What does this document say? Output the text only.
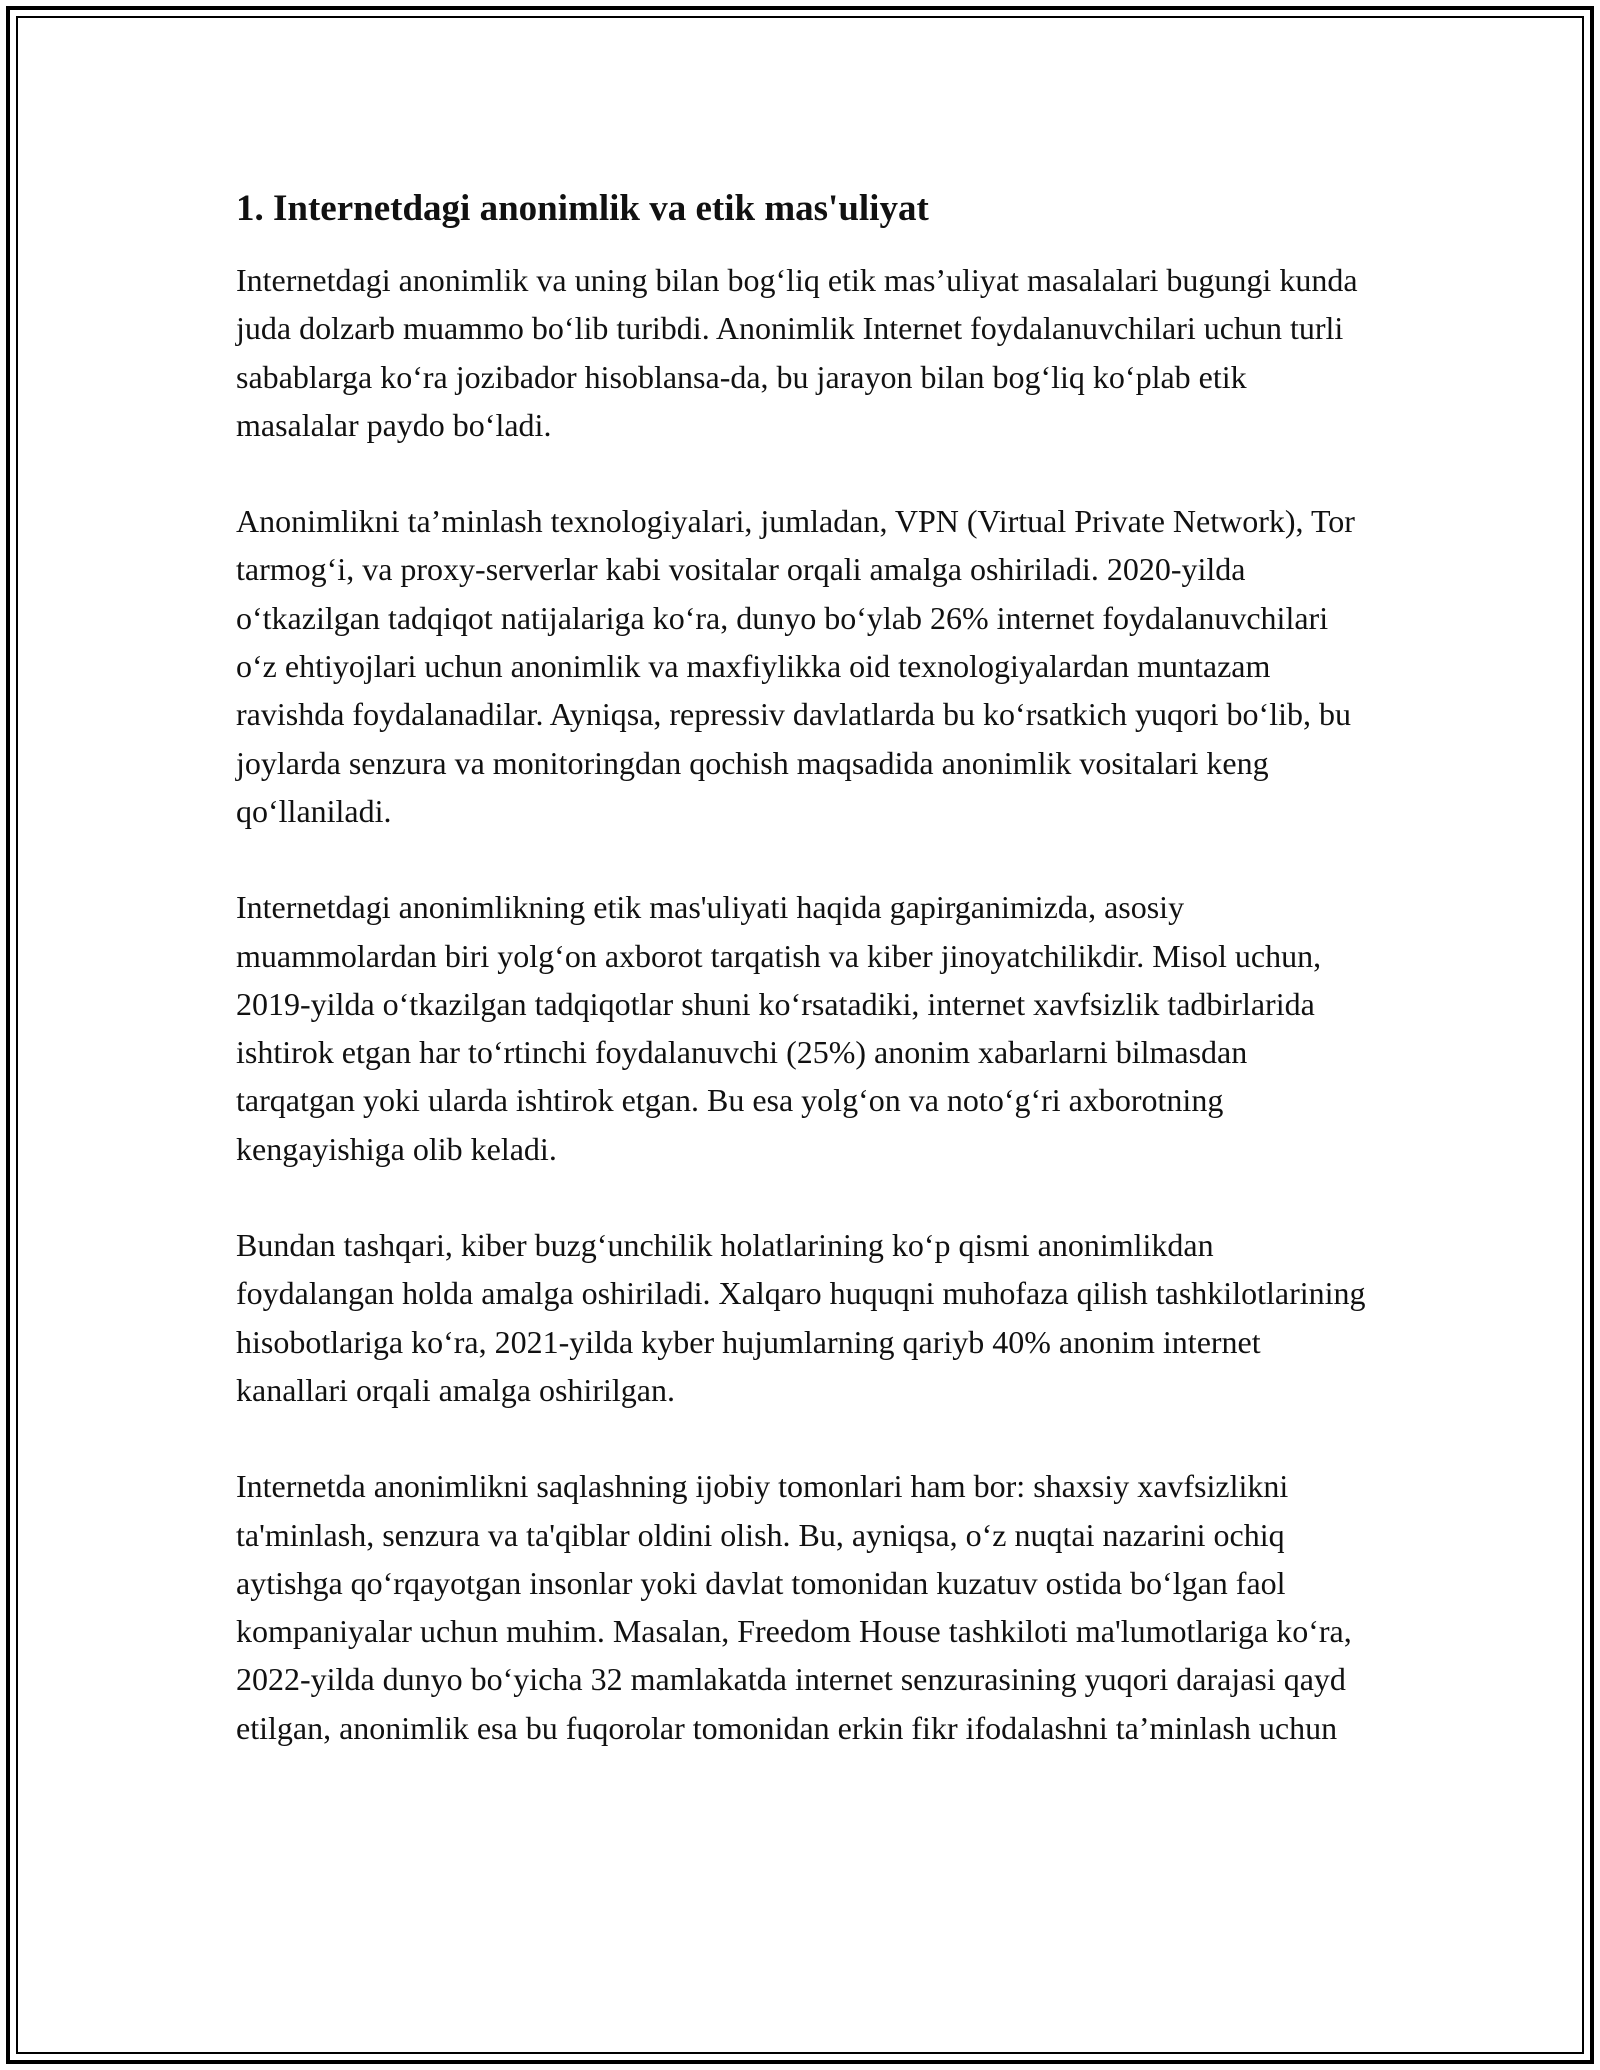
1. Internetdagi anonimlik va etik mas'uliyat

Internetdagi anonimlik va uning bilan bog‘liq etik mas’uliyat masalalari bugungi kunda juda dolzarb muammo bo‘lib turibdi. Anonimlik Internet foydalanuvchilari uchun turli sabablarga ko‘ra jozibador hisoblansa-da, bu jarayon bilan bog‘liq ko‘plab etik masalalar paydo bo‘ladi.

Anonimlikni ta’minlash texnologiyalari, jumladan, VPN (Virtual Private Network), Tor tarmog‘i, va proxy-serverlar kabi vositalar orqali amalga oshiriladi. 2020-yilda o‘tkazilgan tadqiqot natijalariga ko‘ra, dunyo bo‘ylab 26% internet foydalanuvchilari o‘z ehtiyojlari uchun anonimlik va maxfiylikka oid texnologiyalardan muntazam ravishda foydalanadilar. Ayniqsa, repressiv davlatlarda bu ko‘rsatkich yuqori bo‘lib, bu joylarda senzura va monitoringdan qochish maqsadida anonimlik vositalari keng qo‘llaniladi.

Internetdagi anonimlikning etik mas'uliyati haqida gapirganimizda, asosiy muammolardan biri yolg‘on axborot tarqatish va kiber jinoyatchilikdir. Misol uchun, 2019-yilda o‘tkazilgan tadqiqotlar shuni ko‘rsatadiki, internet xavfsizlik tadbirlarida ishtirok etgan har to‘rtinchi foydalanuvchi (25%) anonim xabarlarni bilmasdan tarqatgan yoki ularda ishtirok etgan. Bu esa yolg‘on va noto‘g‘ri axborotning kengayishiga olib keladi.

Bundan tashqari, kiber buzg‘unchilik holatlarining ko‘p qismi anonimlikdan foydalangan holda amalga oshiriladi. Xalqaro huquqni muhofaza qilish tashkilotlarining hisobotlariga ko‘ra, 2021-yilda kyber hujumlarning qariyb 40% anonim internet kanallari orqali amalga oshirilgan.

Internetda anonimlikni saqlashning ijobiy tomonlari ham bor: shaxsiy xavfsizlikni ta'minlash, senzura va ta'qiblar oldini olish. Bu, ayniqsa, o‘z nuqtai nazarini ochiq aytishga qo‘rqayotgan insonlar yoki davlat tomonidan kuzatuv ostida bo‘lgan faol kompaniyalar uchun muhim. Masalan, Freedom House tashkiloti ma'lumotlariga ko‘ra, 2022-yilda dunyo bo‘yicha 32 mamlakatda internet senzurasining yuqori darajasi qayd etilgan, anonimlik esa bu fuqorolar tomonidan erkin fikr ifodalashni ta’minlash uchun
